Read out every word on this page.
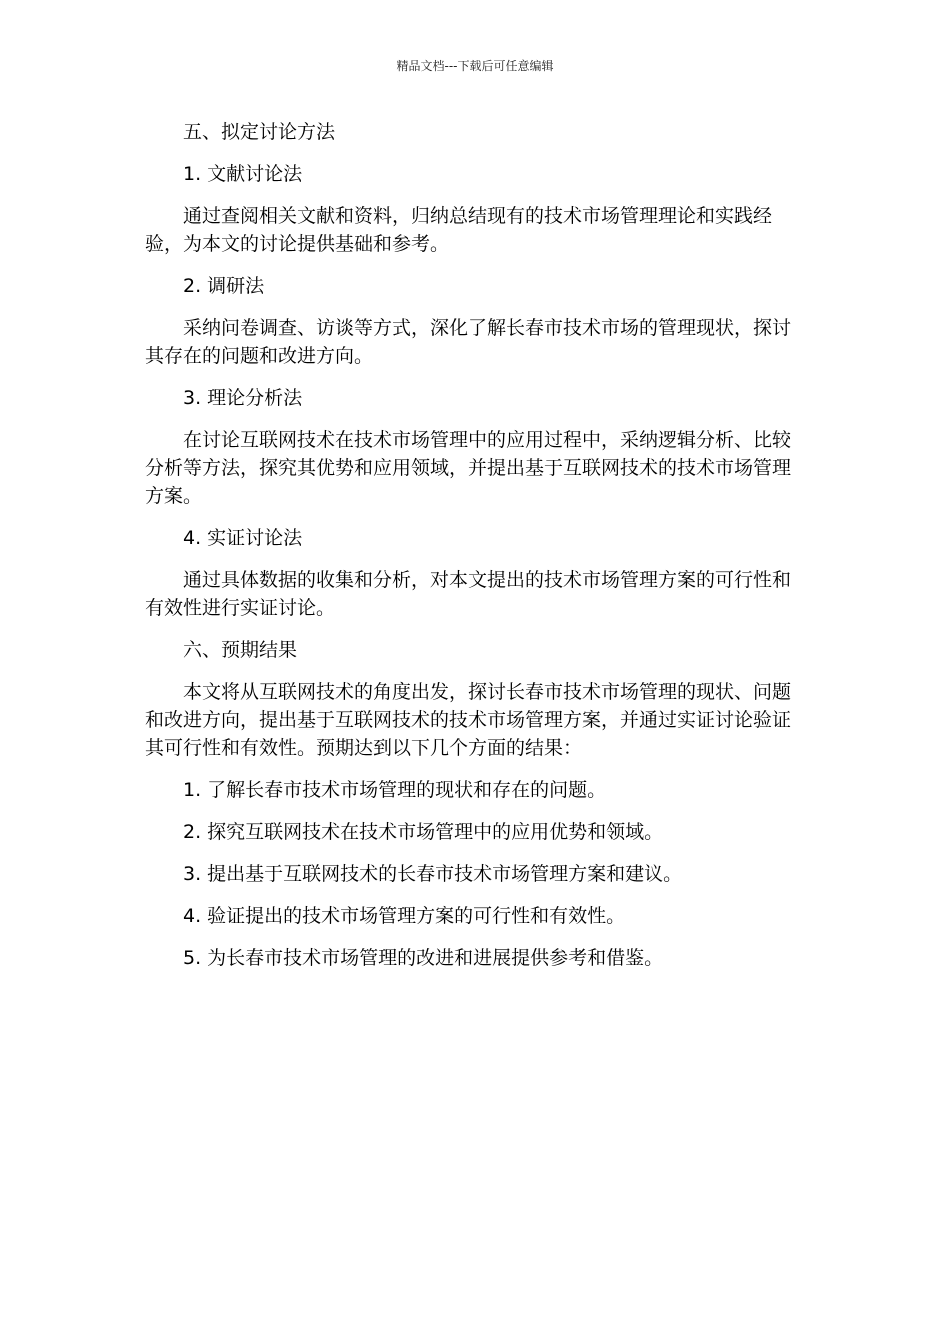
精品文档---下载后可任意编辑

五、拟定讨论方法

1. 文献讨论法

通过查阅相关文献和资料，归纳总结现有的技术市场管理理论和实践经验，为本文的讨论提供基础和参考。

2. 调研法

采纳问卷调查、访谈等方式，深化了解长春市技术市场的管理现状，探讨其存在的问题和改进方向。

3. 理论分析法

在讨论互联网技术在技术市场管理中的应用过程中，采纳逻辑分析、比较分析等方法，探究其优势和应用领域，并提出基于互联网技术的技术市场管理方案。

4. 实证讨论法

通过具体数据的收集和分析，对本文提出的技术市场管理方案的可行性和有效性进行实证讨论。

六、预期结果

本文将从互联网技术的角度出发，探讨长春市技术市场管理的现状、问题和改进方向，提出基于互联网技术的技术市场管理方案，并通过实证讨论验证其可行性和有效性。预期达到以下几个方面的结果：

1. 了解长春市技术市场管理的现状和存在的问题。

2. 探究互联网技术在技术市场管理中的应用优势和领域。

3. 提出基于互联网技术的长春市技术市场管理方案和建议。

4. 验证提出的技术市场管理方案的可行性和有效性。

5. 为长春市技术市场管理的改进和进展提供参考和借鉴。
